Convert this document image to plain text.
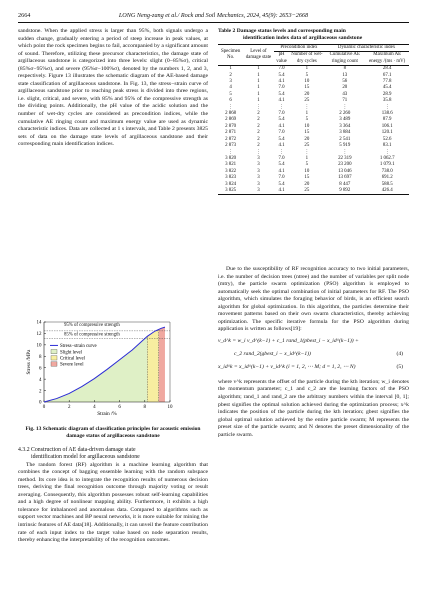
2664	LONG Neng-zang et al./ Rock and Soil Mechanics, 2024, 45(9): 2653−2668

sandstone. When the applied stress is larger than 95%, both signals undergo a sudden change, gradually entering a period of steep increase in peak values, at which point the rock specimen begins to fail, accompanied by a significant amount of sound. Therefore, utilizing these precursor characteristics, the damage state of argillaceous sandstone is categorized into three levels: slight (0−85%σ), critical (85%σ−95%σ), and severe (95%σ−100%σ), denoted by the numbers 1, 2, and 3, respectively. Figure 13 illustrates the schematic diagram of the AE-based damage state classification of argillaceous sandstone. In Fig. 13, the stress−strain curve of argillaceous sandstone prior to reaching peak stress is divided into three regions, i.e. slight, critical, and severe, with 85% and 95% of the compressive strength as the dividing points. Additionally, the pH value of the acidic solution and the number of wet-dry cycles are considered as precondition indices, while the cumulative AE ringing count and maximum energy value are used as dynamic characteristic indices. Data are collected at 1 s intervals, and Table 2 presents 3825 sets of data on the damage state levels of argillaceous sandstone and their corresponding main identification indices.

95% of compressive strength
85% of compressive strength
0	2	4	6	8	10
0
2
4
6
8
10
12
14
Strain /%
Stress /MPa
Stress−strain curve
Slight level
Critical level
Severe level

Fig. 13 Schematic diagram of classification principles for acoustic emission damage status of argillaceous sandstone

4.3.2 Construction of AE data-driven damage state
identification model for argillaceous sandstone

The random forest (RF) algorithm is a machine learning algorithm that combines the concept of bagging ensemble learning with the random subspace method. Its core idea is to integrate the recognition results of numerous decision trees, deriving the final recognition outcome through majority voting or result averaging. Consequently, this algorithm possesses robust self-learning capabilities and a high degree of nonlinear mapping ability. Furthermore, it exhibits a high tolerance for imbalanced and anomalous data. Compared to algorithms such as support vector machines and BP neural networks, it is more suitable for mining the intrinsic features of AE data[18]. Additionally, it can unveil the feature contribution rate of each input index to the target value based on node separation results, thereby enhancing the interpretability of the recognition outcomes.

Table 2 Damage status levels and corresponding main

identification index data of argillaceous sandstone

Specimen No.	Level of damage state	Precondition index		Dynamic characteristic index	
		pH value	Number of wet-dry cycles	Cumulative AE ringing count	Maximum AE energy /(ms · mV)
1	1	7.0	1	8	28.4
2	1	5.4	5	13	67.1
3	1	4.1	10	56	77.8
4	1	7.0	15	20	45.4
5	1	5.4	20	43	28.9
6	1	4.1	25	71	35.8
⋮	⋮	⋮	⋮	⋮	⋮
2 868	2	7.0	1	2 260	138.6
2 869	2	5.4	5	3 489	87.9
2 870	2	4.1	10	3 364	106.1
2 871	2	7.0	15	3 884	120.1
2 872	2	5.4	20	2 541	52.6
2 873	2	4.1	25	5 919	83.1
⋮	⋮	⋮	⋮	⋮	⋮
3 820	3	7.0	1	22 319	1 062.7
3 821	3	5.4	5	23 200	1 079.1
3 822	3	4.1	10	13 046	738.0
3 823	3	7.0	15	13 697	691.2
3 824	3	5.4	20	8 447	588.5
3 825	3	4.1	25	9 892	426.4

Due to the susceptibility of RF recognition accuracy to two initial parameters, i.e. the number of decision trees (ntree) and the number of variables per split node (mtry), the particle swarm optimization (PSO) algorithm is employed to automatically seek the optimal combination of initial parameters for RF. The PSO algorithm, which simulates the foraging behavior of birds, is an efficient search algorithm for global optimization. In this algorithm, the particles determine their movement patterns based on their own swarm characteristics, thereby achieving optimization. The specific iterative formula for the PSO algorithm during application is written as follows[19]:

v_d^k = w_i v_d^(k−1) + c_1 rand_1(pbest_i − x_id^(k−1)) +
c_2 rand_2(gbest_i − x_id^(k−1))	(4)
x_id^k = x_id^(k−1) + v_id^k (i = 1, 2, ⋯ M; d = 1, 2, ⋯ N)	(5)

where v^k represents the offset of the particle during the kth iteration; w_i denotes the momentum parameter; c_1 and c_2 are the learning factors of the PSO algorithm; rand_1 and rand_2 are the arbitrary numbers within the interval [0, 1]; pbest signifies the optimal solution achieved during the optimization process; x^k indicates the position of the particle during the kth iteration; gbest signifies the global optimal solution achieved by the entire particle swarm; M represents the preset size of the particle swarm; and N denotes the preset dimensionality of the particle swarm.
